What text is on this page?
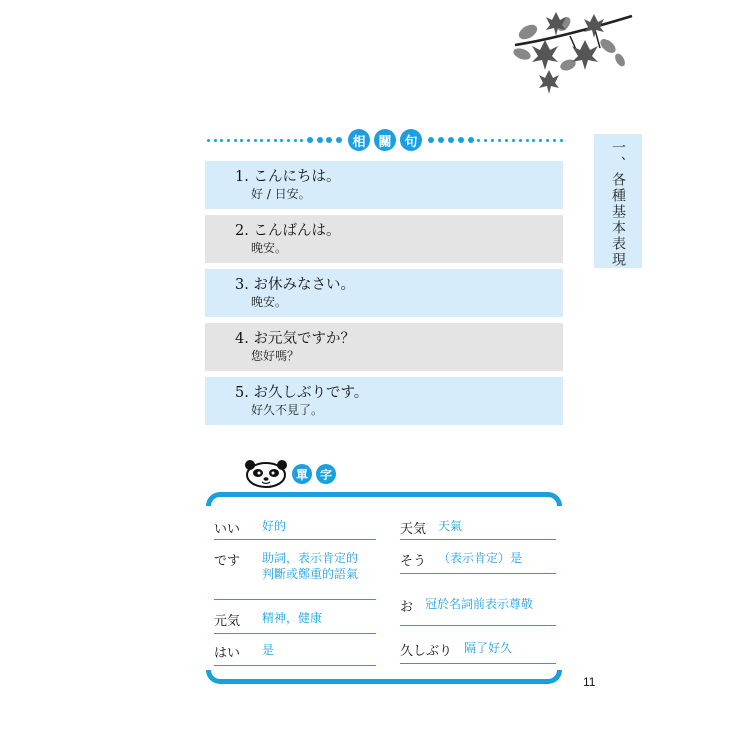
相 關 句	一、各種基本表現
1. こんにちは。
好 / 日安。
2. こんばんは。
晚安。
3. お休みなさい。
晚安。
4. お元気ですか？
您好嗎？
5. お久しぶりです。
好久不見了。
單 字
いい	好的
です	助詞，表示肯定的判斷或鄭重的語氣
元気	精神，健康
はい	是
天気 天氣
そう （表示肯定）是
お 冠於名詞前表示尊敬
久しぶり 隔了好久
11
